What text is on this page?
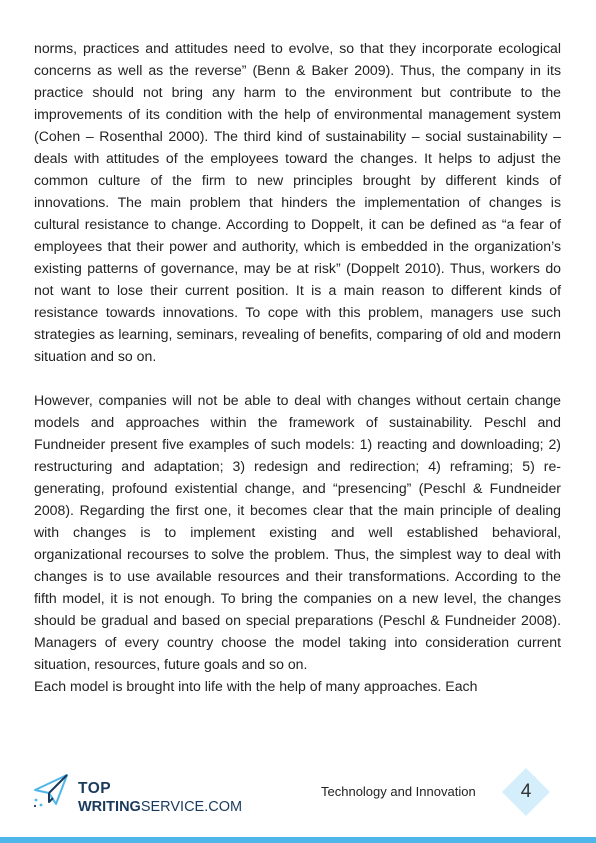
norms, practices and attitudes need to evolve, so that they incorporate ecological concerns as well as the reverse” (Benn & Baker 2009). Thus, the company in its practice should not bring any harm to the environment but contribute to the improvements of its condition with the help of environmental management system (Cohen – Rosenthal 2000). The third kind of sustainability – social sustainability – deals with attitudes of the employees toward the changes. It helps to adjust the common culture of the firm to new principles brought by different kinds of innovations. The main problem that hinders the implementation of changes is cultural resistance to change. According to Doppelt, it can be defined as “a fear of employees that their power and authority, which is embedded in the organization’s existing patterns of governance, may be at risk” (Doppelt 2010). Thus, workers do not want to lose their current position. It is a main reason to different kinds of resistance towards innovations. To cope with this problem, managers use such strategies as learning, seminars, revealing of benefits, comparing of old and modern situation and so on.

However, companies will not be able to deal with changes without certain change models and approaches within the framework of sustainability. Peschl and Fundneider present five examples of such models: 1) reacting and downloading; 2) restructuring and adaptation; 3) redesign and redirection; 4) reframing; 5) re-generating, profound existential change, and “presencing” (Peschl & Fundneider 2008). Regarding the first one, it becomes clear that the main principle of dealing with changes is to implement existing and well established behavioral, organizational recourses to solve the problem. Thus, the simplest way to deal with changes is to use available resources and their transformations. According to the fifth model, it is not enough. To bring the companies on a new level, the changes should be gradual and based on special preparations (Peschl & Fundneider 2008). Managers of every country choose the model taking into consideration current situation, resources, future goals and so on.

Each model is brought into life with the help of many approaches. Each

TOP
WRITINGSERVICE.COM
Technology and Innovation	4
